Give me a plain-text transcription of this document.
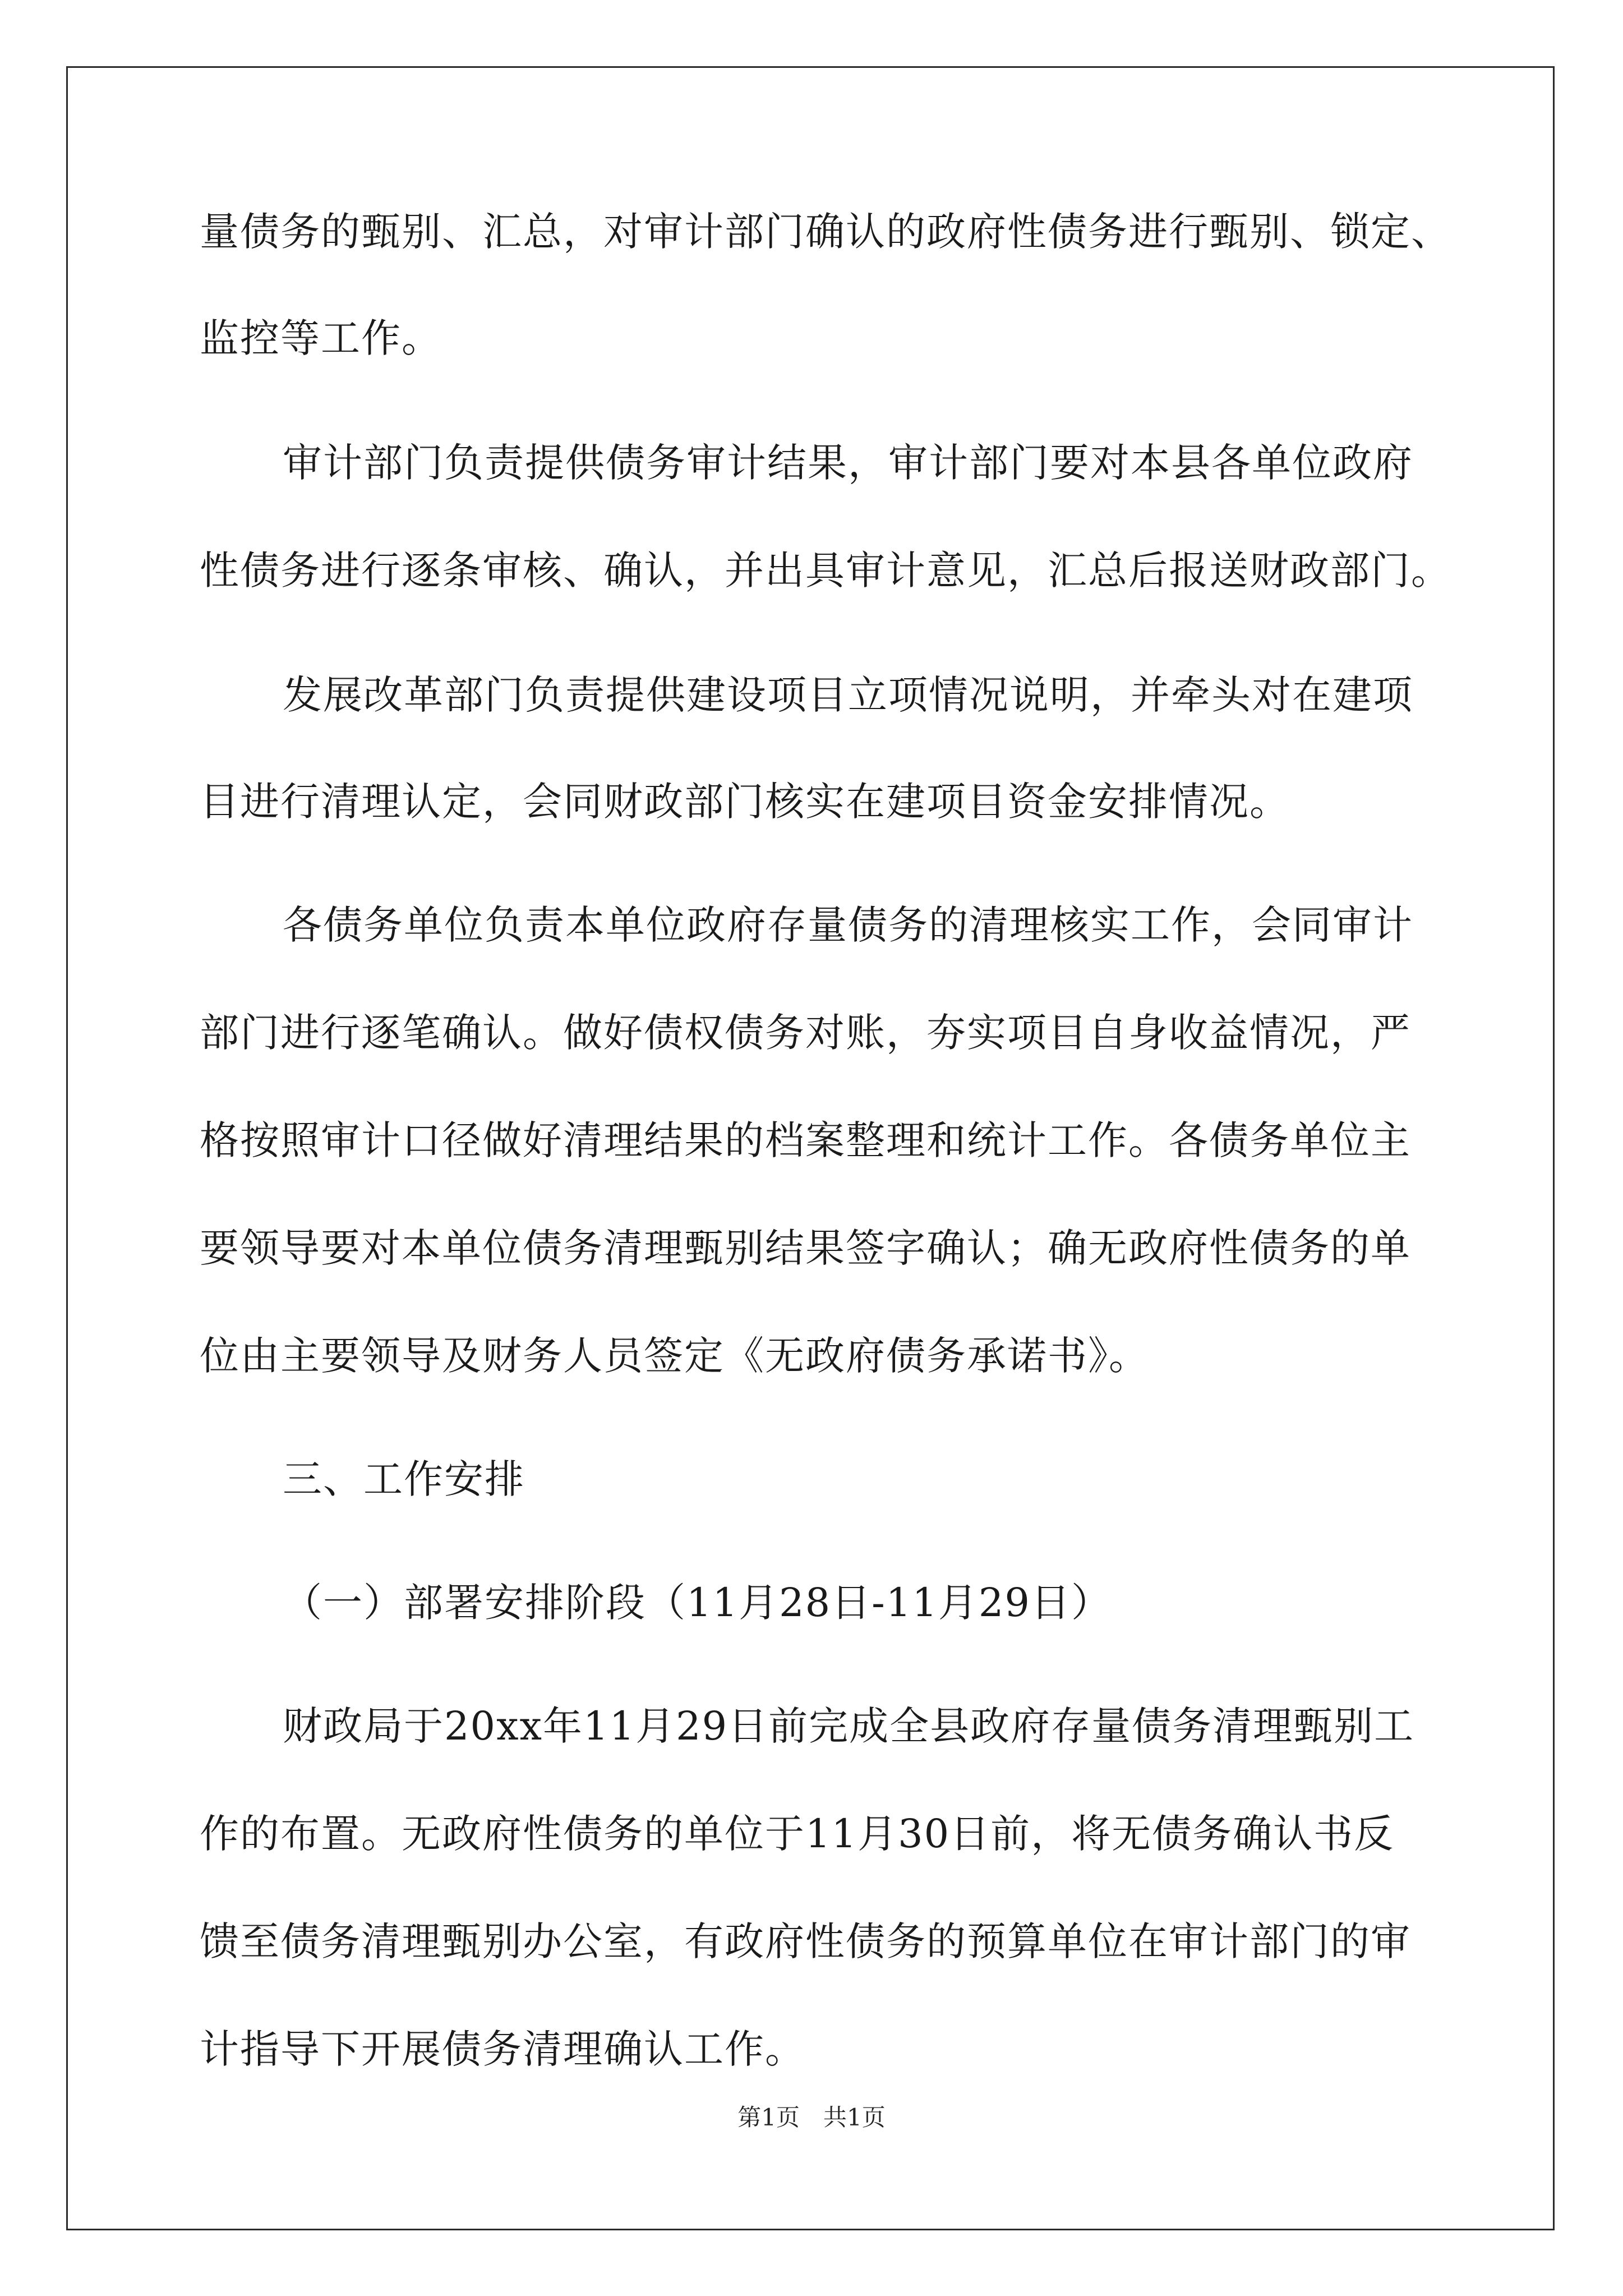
量债务的甄别、汇总，对审计部门确认的政府性债务进行甄别、锁定、
监控等工作。
审计部门负责提供债务审计结果，审计部门要对本县各单位政府
性债务进行逐条审核、确认，并出具审计意见，汇总后报送财政部门。
发展改革部门负责提供建设项目立项情况说明，并牵头对在建项
目进行清理认定，会同财政部门核实在建项目资金安排情况。
各债务单位负责本单位政府存量债务的清理核实工作，会同审计
部门进行逐笔确认。做好债权债务对账，夯实项目自身收益情况，严
格按照审计口径做好清理结果的档案整理和统计工作。各债务单位主
要领导要对本单位债务清理甄别结果签字确认；确无政府性债务的单
位由主要领导及财务人员签定《无政府债务承诺书》。
三、工作安排
（一）部署安排阶段（11月28日-11月29日）
财政局于20xx年11月29日前完成全县政府存量债务清理甄别工
作的布置。无政府性债务的单位于11月30日前，将无债务确认书反
馈至债务清理甄别办公室，有政府性债务的预算单位在审计部门的审
计指导下开展债务清理确认工作。
第1页　共1页
